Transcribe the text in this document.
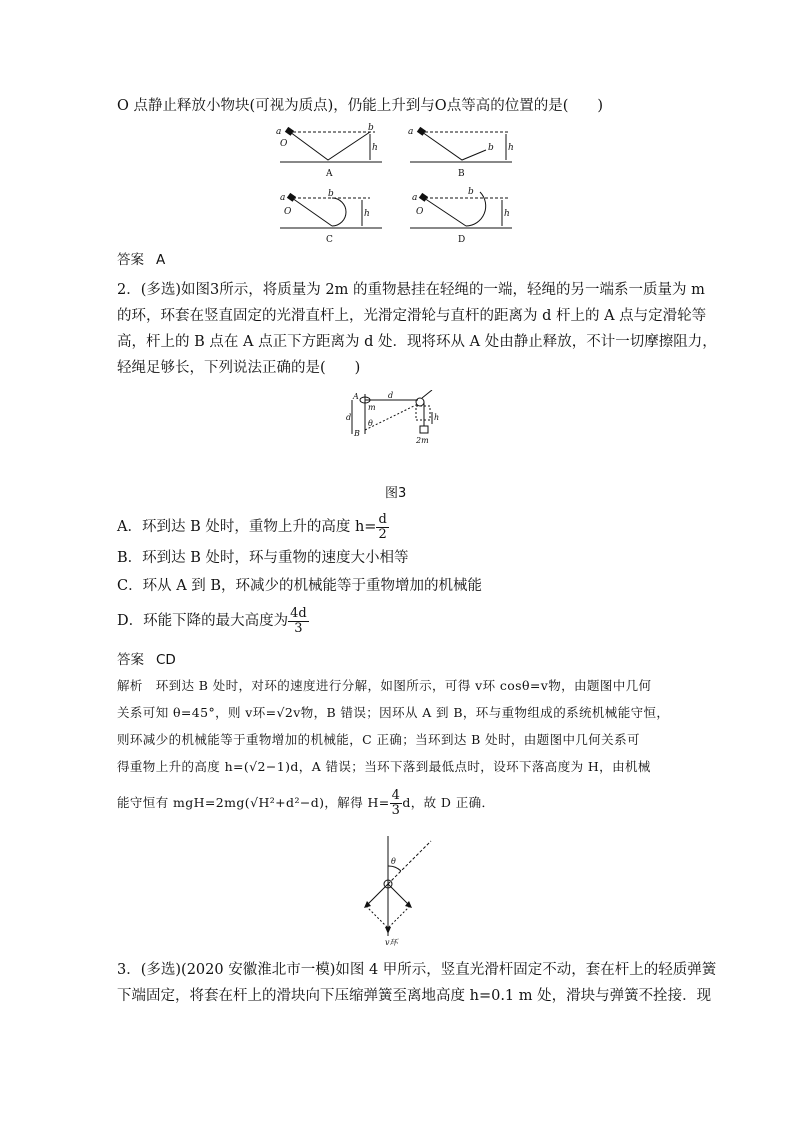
O 点静止释放小物块(可视为质点)，仍能上升到与O点等高的位置的是(　　)
a
O
b
h
a
b h
a
O
b
h
a
O
b
h
A	B
C	D
答案 A
2．(多选)如图3所示，将质量为 2m 的重物悬挂在轻绳的一端，轻绳的另一端系一质量为 m
的环，环套在竖直固定的光滑直杆上，光滑定滑轮与直杆的距离为 d 杆上的 A 点与定滑轮等
高，杆上的 B 点在 A 点正下方距离为 d 处．现将环从 A 处由静止释放，不计一切摩擦阻力，
轻绳足够长，下列说法正确的是(　　)
A
B
m
d
d
θ
h
2m
图3
A．环到达 B 处时，重物上升的高度 $h= \frac{d}{2}$
B．环到达 B 处时，环与重物的速度大小相等
C．环从 A 到 B，环减少的机械能等于重物增加的机械能
D．环能下降的最大高度为 $\frac{4d}{3}$
答案 CD
解析　环到达 B 处时，对环的速度进行分解，如图所示，可得 v环 cosθ=v物，由题图中几何
关系可知 θ=45°，则 v环=√2v物，B 错误；因环从 A 到 B，环与重物组成的系统机械能守恒，
则环减少的机械能等于重物增加的机械能，C 正确；当环到达 B 处时，由题图中几何关系可
得重物上升的高度 h=(√2−1)d，A 错误；当环下落到最低点时，设环下落高度为 H，由机械
能守恒有 mgH=2mg(√H²+d²−d)，解得 $H= \frac{4}{3}$ d，故 D 正确．
θ
v环
3．(多选)(2020 安徽淮北市一模)如图 4 甲所示，竖直光滑杆固定不动，套在杆上的轻质弹簧
下端固定，将套在杆上的滑块向下压缩弹簧至离地高度 h=0.1 m 处，滑块与弹簧不拴接．现
